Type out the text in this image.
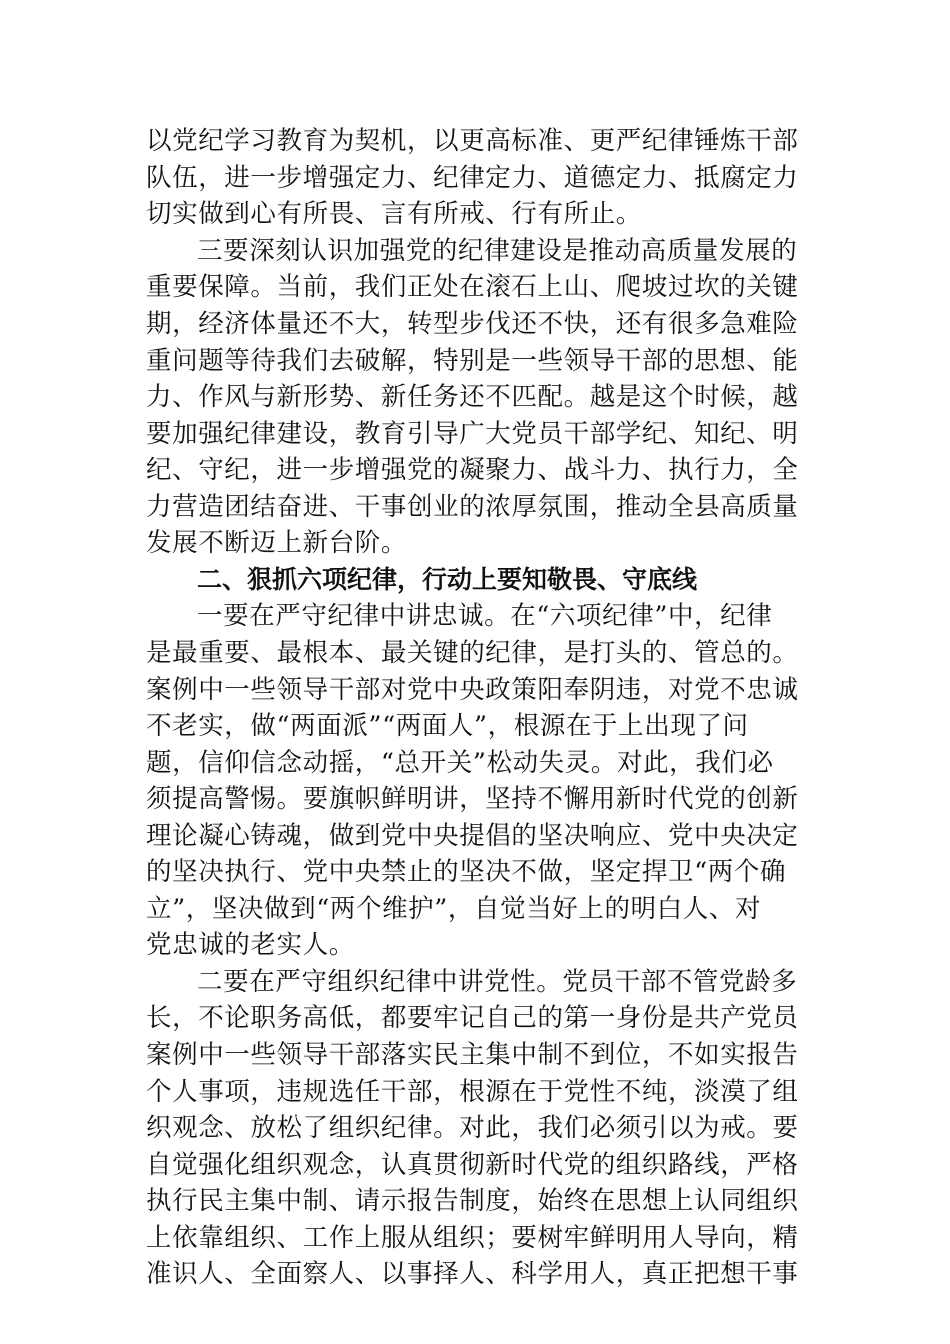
以党纪学习教育为契机，以更高标准、更严纪律锤炼干部
队伍，进一步增强定力、纪律定力、道德定力、抵腐定力
切实做到心有所畏、言有所戒、行有所止。
三要深刻认识加强党的纪律建设是推动高质量发展的
重要保障。当前，我们正处在滚石上山、爬坡过坎的关键
期，经济体量还不大，转型步伐还不快，还有很多急难险
重问题等待我们去破解，特别是一些领导干部的思想、能
力、作风与新形势、新任务还不匹配。越是这个时候，越
要加强纪律建设，教育引导广大党员干部学纪、知纪、明
纪、守纪，进一步增强党的凝聚力、战斗力、执行力，全
力营造团结奋进、干事创业的浓厚氛围，推动全县高质量
发展不断迈上新台阶。
二、狠抓六项纪律，行动上要知敬畏、守底线
一要在严守纪律中讲忠诚。在“六项纪律”中，纪律
是最重要、最根本、最关键的纪律，是打头的、管总的。
案例中一些领导干部对党中央政策阳奉阴违，对党不忠诚
不老实，做“两面派”“两面人”，根源在于上出现了问
题，信仰信念动摇，“总开关”松动失灵。对此，我们必
须提高警惕。要旗帜鲜明讲，坚持不懈用新时代党的创新
理论凝心铸魂，做到党中央提倡的坚决响应、党中央决定
的坚决执行、党中央禁止的坚决不做，坚定捍卫“两个确
立”，坚决做到“两个维护”，自觉当好上的明白人、对
党忠诚的老实人。
二要在严守组织纪律中讲党性。党员干部不管党龄多
长，不论职务高低，都要牢记自己的第一身份是共产党员
案例中一些领导干部落实民主集中制不到位，不如实报告
个人事项，违规选任干部，根源在于党性不纯，淡漠了组
织观念、放松了组织纪律。对此，我们必须引以为戒。要
自觉强化组织观念，认真贯彻新时代党的组织路线，严格
执行民主集中制、请示报告制度，始终在思想上认同组织
上依靠组织、工作上服从组织；要树牢鲜明用人导向，精
准识人、全面察人、以事择人、科学用人，真正把想干事
